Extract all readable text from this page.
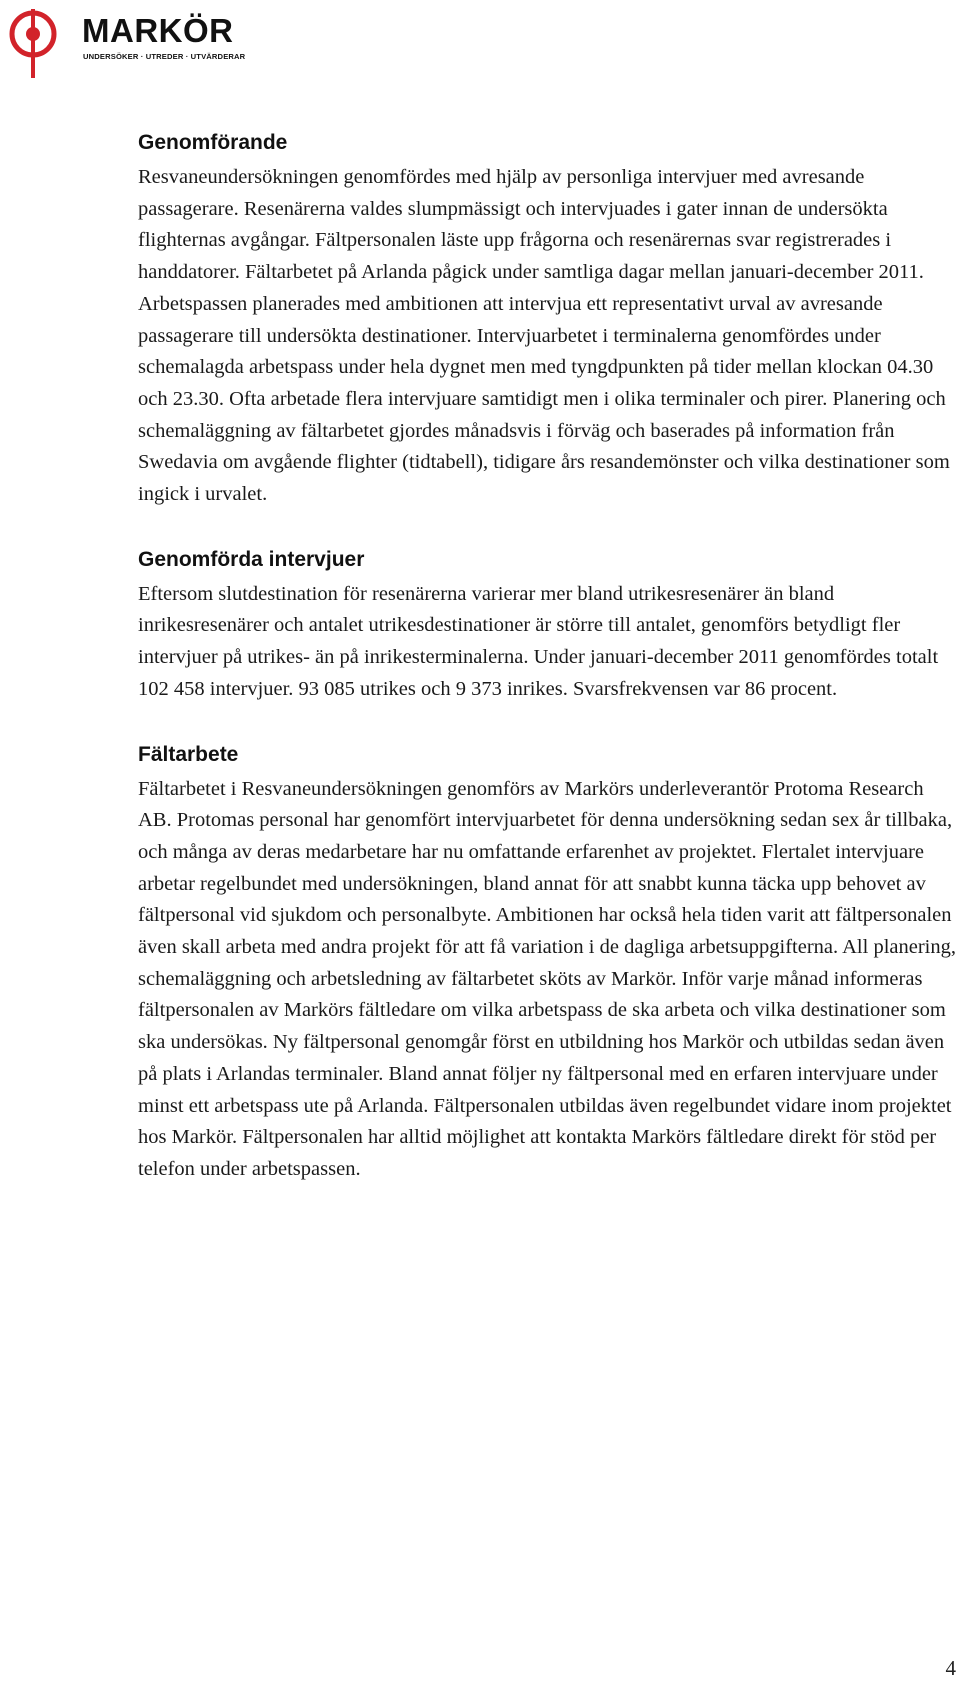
MARKÖR
UNDERSÖKER · UTREDER · UTVÄRDERAR
Genomförande

Resvaneundersökningen genomfördes med hjälp av personliga intervjuer med avresande passagerare. Resenärerna valdes slumpmässigt och intervjuades i gater innan de undersökta flighternas avgångar. Fältpersonalen läste upp frågorna och resenärernas svar registrerades i handdatorer. Fältarbetet på Arlanda pågick under samtliga dagar mellan januari-december 2011. Arbetspassen planerades med ambitionen att intervjua ett representativt urval av avresande passagerare till undersökta destinationer. Intervjuarbetet i terminalerna genomfördes under schemalagda arbetspass under hela dygnet men med tyngdpunkten på tider mellan klockan 04.30 och 23.30. Ofta arbetade flera intervjuare samtidigt men i olika terminaler och pirer. Planering och schemaläggning av fältarbetet gjordes månadsvis i förväg och baserades på information från Swedavia om avgående flighter (tidtabell), tidigare års resandemönster och vilka destinationer som ingick i urvalet.

Genomförda intervjuer

Eftersom slutdestination för resenärerna varierar mer bland utrikesresenärer än bland inrikesresenärer och antalet utrikesdestinationer är större till antalet, genomförs betydligt fler intervjuer på utrikes- än på inrikesterminalerna. Under januari-december 2011 genomfördes totalt 102 458 intervjuer. 93 085 utrikes och 9 373 inrikes. Svarsfrekvensen var 86 procent.

Fältarbete

Fältarbetet i Resvaneundersökningen genomförs av Markörs underleverantör Protoma Research AB. Protomas personal har genomfört intervjuarbetet för denna undersökning sedan sex år tillbaka, och många av deras medarbetare har nu omfattande erfarenhet av projektet. Flertalet intervjuare arbetar regelbundet med undersökningen, bland annat för att snabbt kunna täcka upp behovet av fältpersonal vid sjukdom och personalbyte. Ambitionen har också hela tiden varit att fältpersonalen även skall arbeta med andra projekt för att få variation i de dagliga arbetsuppgifterna. All planering, schemaläggning och arbetsledning av fältarbetet sköts av Markör. Inför varje månad informeras fältpersonalen av Markörs fältledare om vilka arbetspass de ska arbeta och vilka destinationer som ska undersökas. Ny fältpersonal genomgår först en utbildning hos Markör och utbildas sedan även på plats i Arlandas terminaler. Bland annat följer ny fältpersonal med en erfaren intervjuare under minst ett arbetspass ute på Arlanda. Fältpersonalen utbildas även regelbundet vidare inom projektet hos Markör. Fältpersonalen har alltid möjlighet att kontakta Markörs fältledare direkt för stöd per telefon under arbetspassen.

4
